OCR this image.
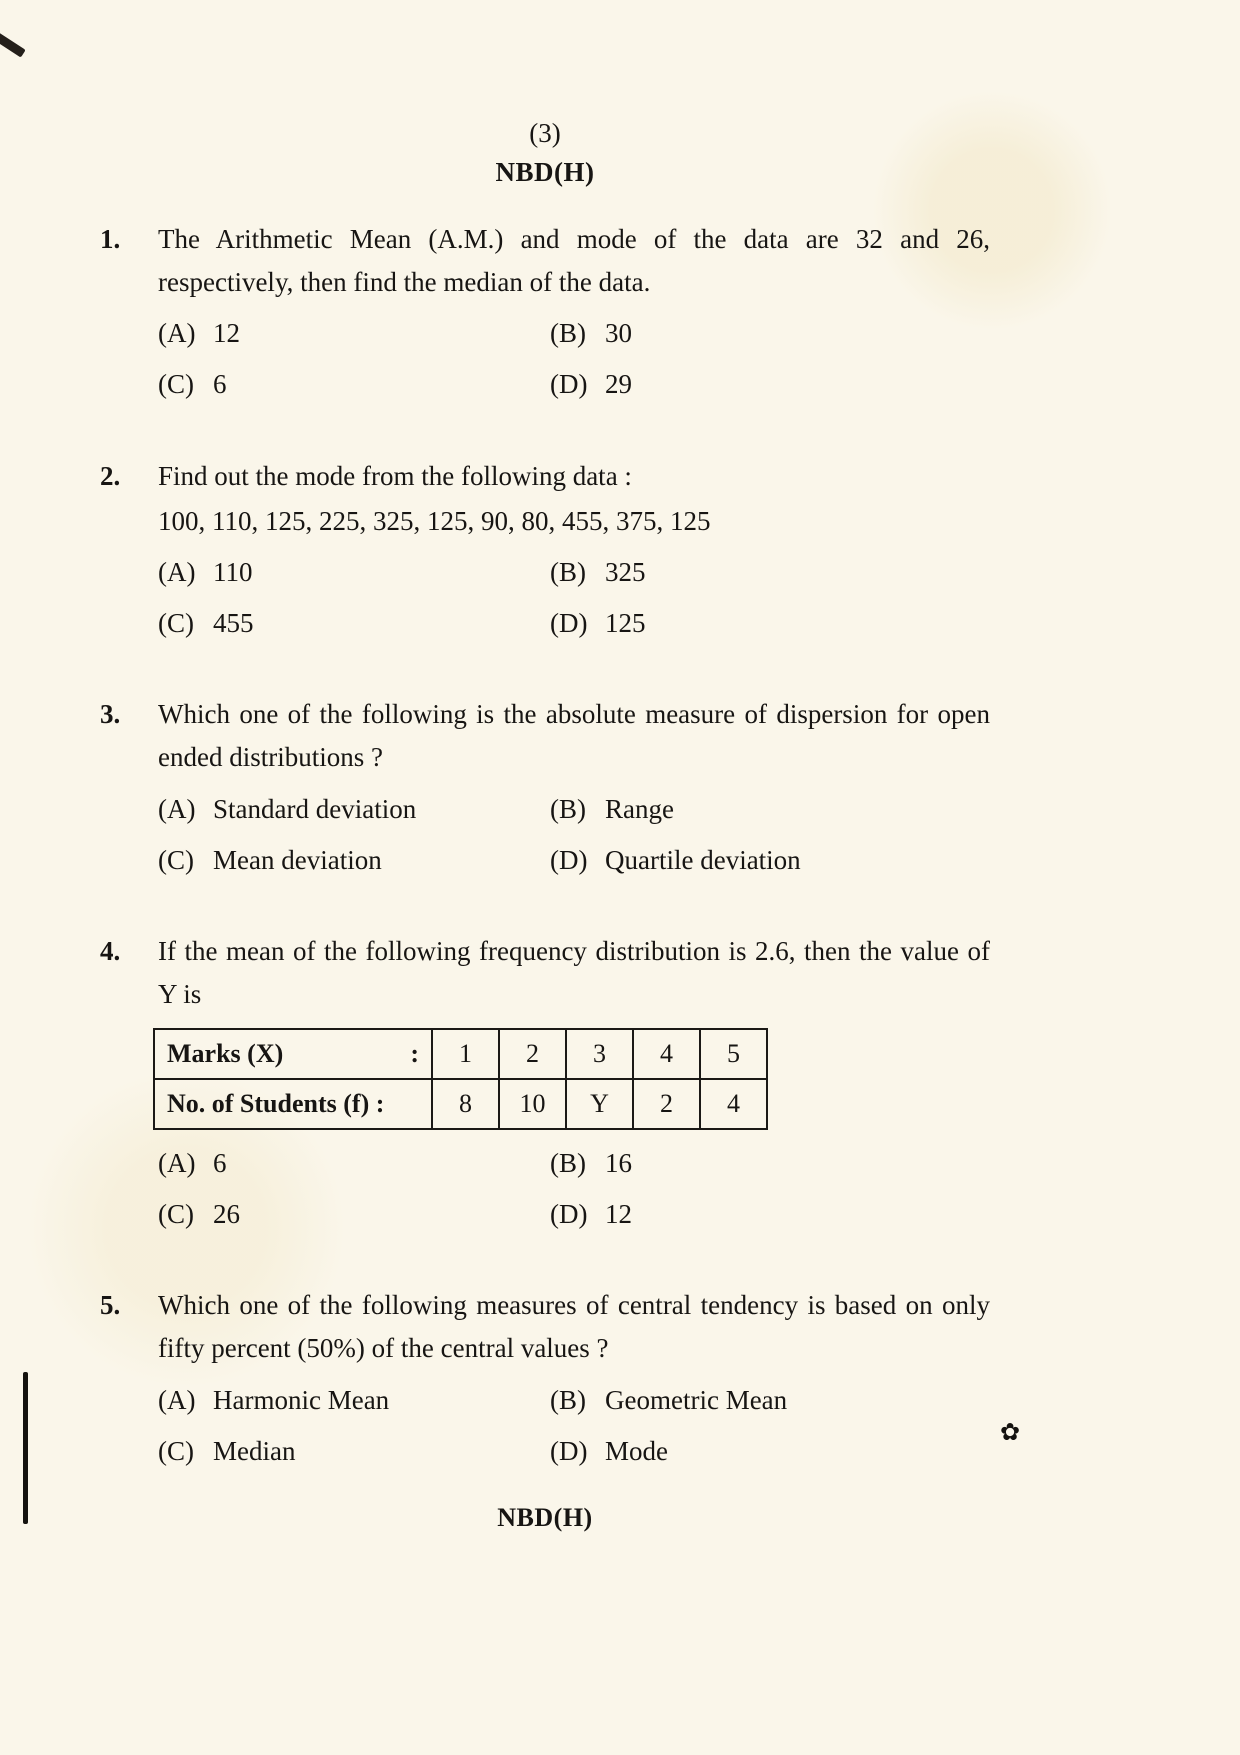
(3)
NBD(H)
1.	The Arithmetic Mean (A.M.) and mode of the data are 32 and 26, respectively, then find the median of the data.

(A) 12	(B) 30
(C) 6	(D) 29
2.	Find out the mode from the following data :

100, 110, 125, 225, 325, 125, 90, 80, 455, 375, 125

(A) 110	(B) 325
(C) 455	(D) 125
3.	Which one of the following is the absolute measure of dispersion for open ended distributions ?

(A) Standard deviation	(B) Range
(C) Mean deviation	(D) Quartile deviation
4.	If the mean of the following frequency distribution is 2.6, then the value of Y is

Marks (X) :	1	2	3	4	5
No. of Students (f) :	8	10	Y	2	4
(A) 6	(B) 16
(C) 26	(D) 12
5.	Which one of the following measures of central tendency is based on only fifty percent (50%) of the central values ?

(A) Harmonic Mean	(B) Geometric Mean
(C) Median	(D) Mode
NBD(H)
✿
